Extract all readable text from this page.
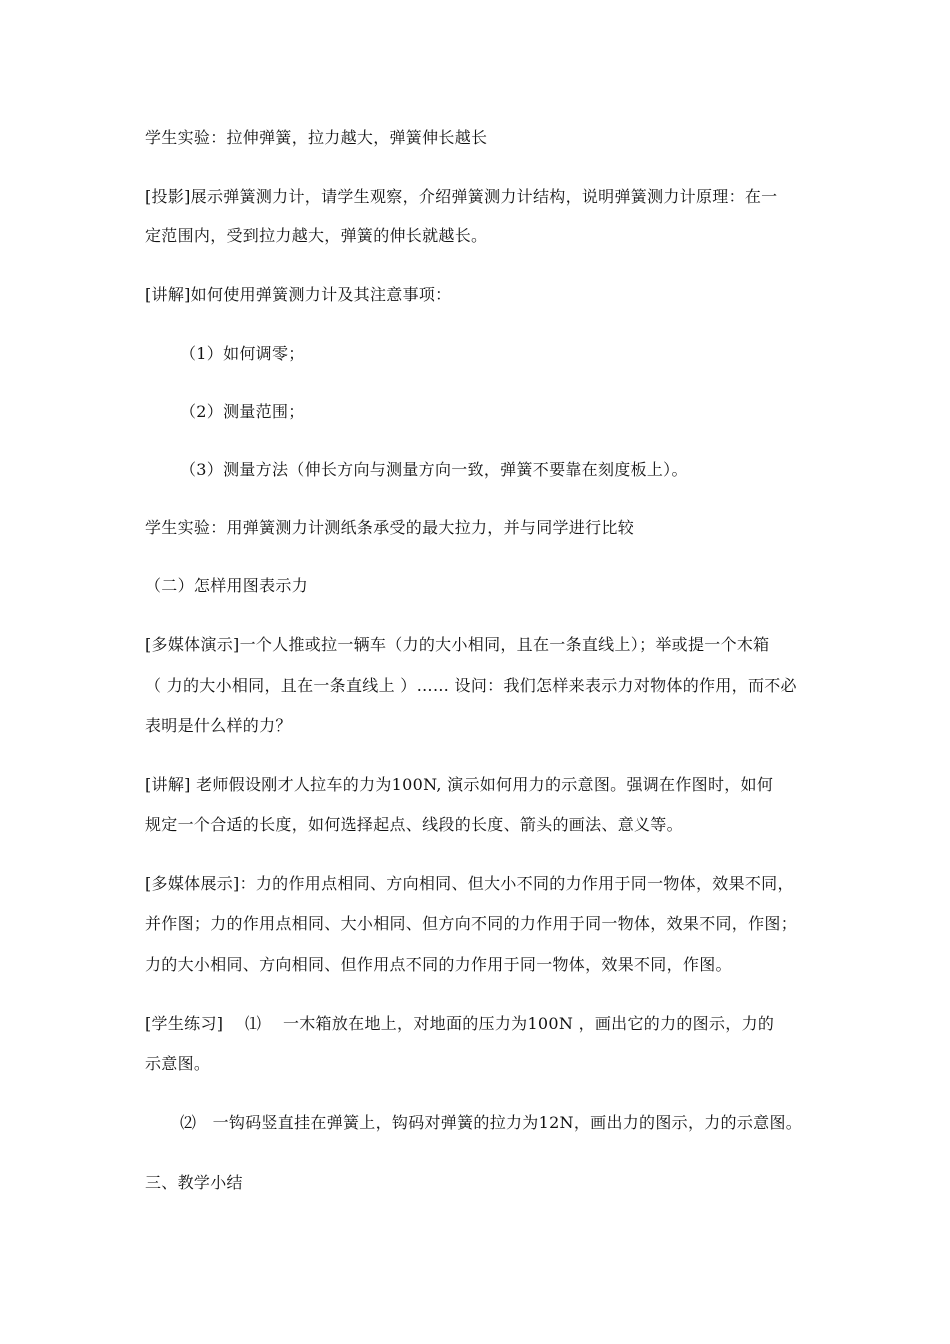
学生实验：拉伸弹簧，拉力越大，弹簧伸长越长
[投影]展示弹簧测力计，请学生观察，介绍弹簧测力计结构，说明弹簧测力计原理：在一
定范围内，受到拉力越大，弹簧的伸长就越长。
[讲解]如何使用弹簧测力计及其注意事项：
（1）如何调零；
（2）测量范围；
（3）测量方法（伸长方向与测量方向一致，弹簧不要靠在刻度板上）。
学生实验：用弹簧测力计测纸条承受的最大拉力，并与同学进行比较
（二）怎样用图表示力
[多媒体演示]一个人推或拉一辆车（力的大小相同，且在一条直线上）；举或提一个木箱
（ 力的大小相同，且在一条直线上 ）…… 设问：我们怎样来表示力对物体的作用，而不必
表明是什么样的力？
[讲解] 老师假设刚才人拉车的力为100N, 演示如何用力的示意图。强调在作图时，如何
规定一个合适的长度，如何选择起点、线段的长度、箭头的画法、意义等。
[多媒体展示]：力的作用点相同、方向相同、但大小不同的力作用于同一物体，效果不同，
并作图；力的作用点相同、大小相同、但方向不同的力作用于同一物体，效果不同，作图；
力的大小相同、方向相同、但作用点不同的力作用于同一物体，效果不同，作图。
[学生练习]　 ⑴　 一木箱放在地上，对地面的压力为100N ，画出它的力的图示，力的
示意图。
⑵　一钩码竖直挂在弹簧上，钩码对弹簧的拉力为12N，画出力的图示，力的示意图。
三、教学小结
